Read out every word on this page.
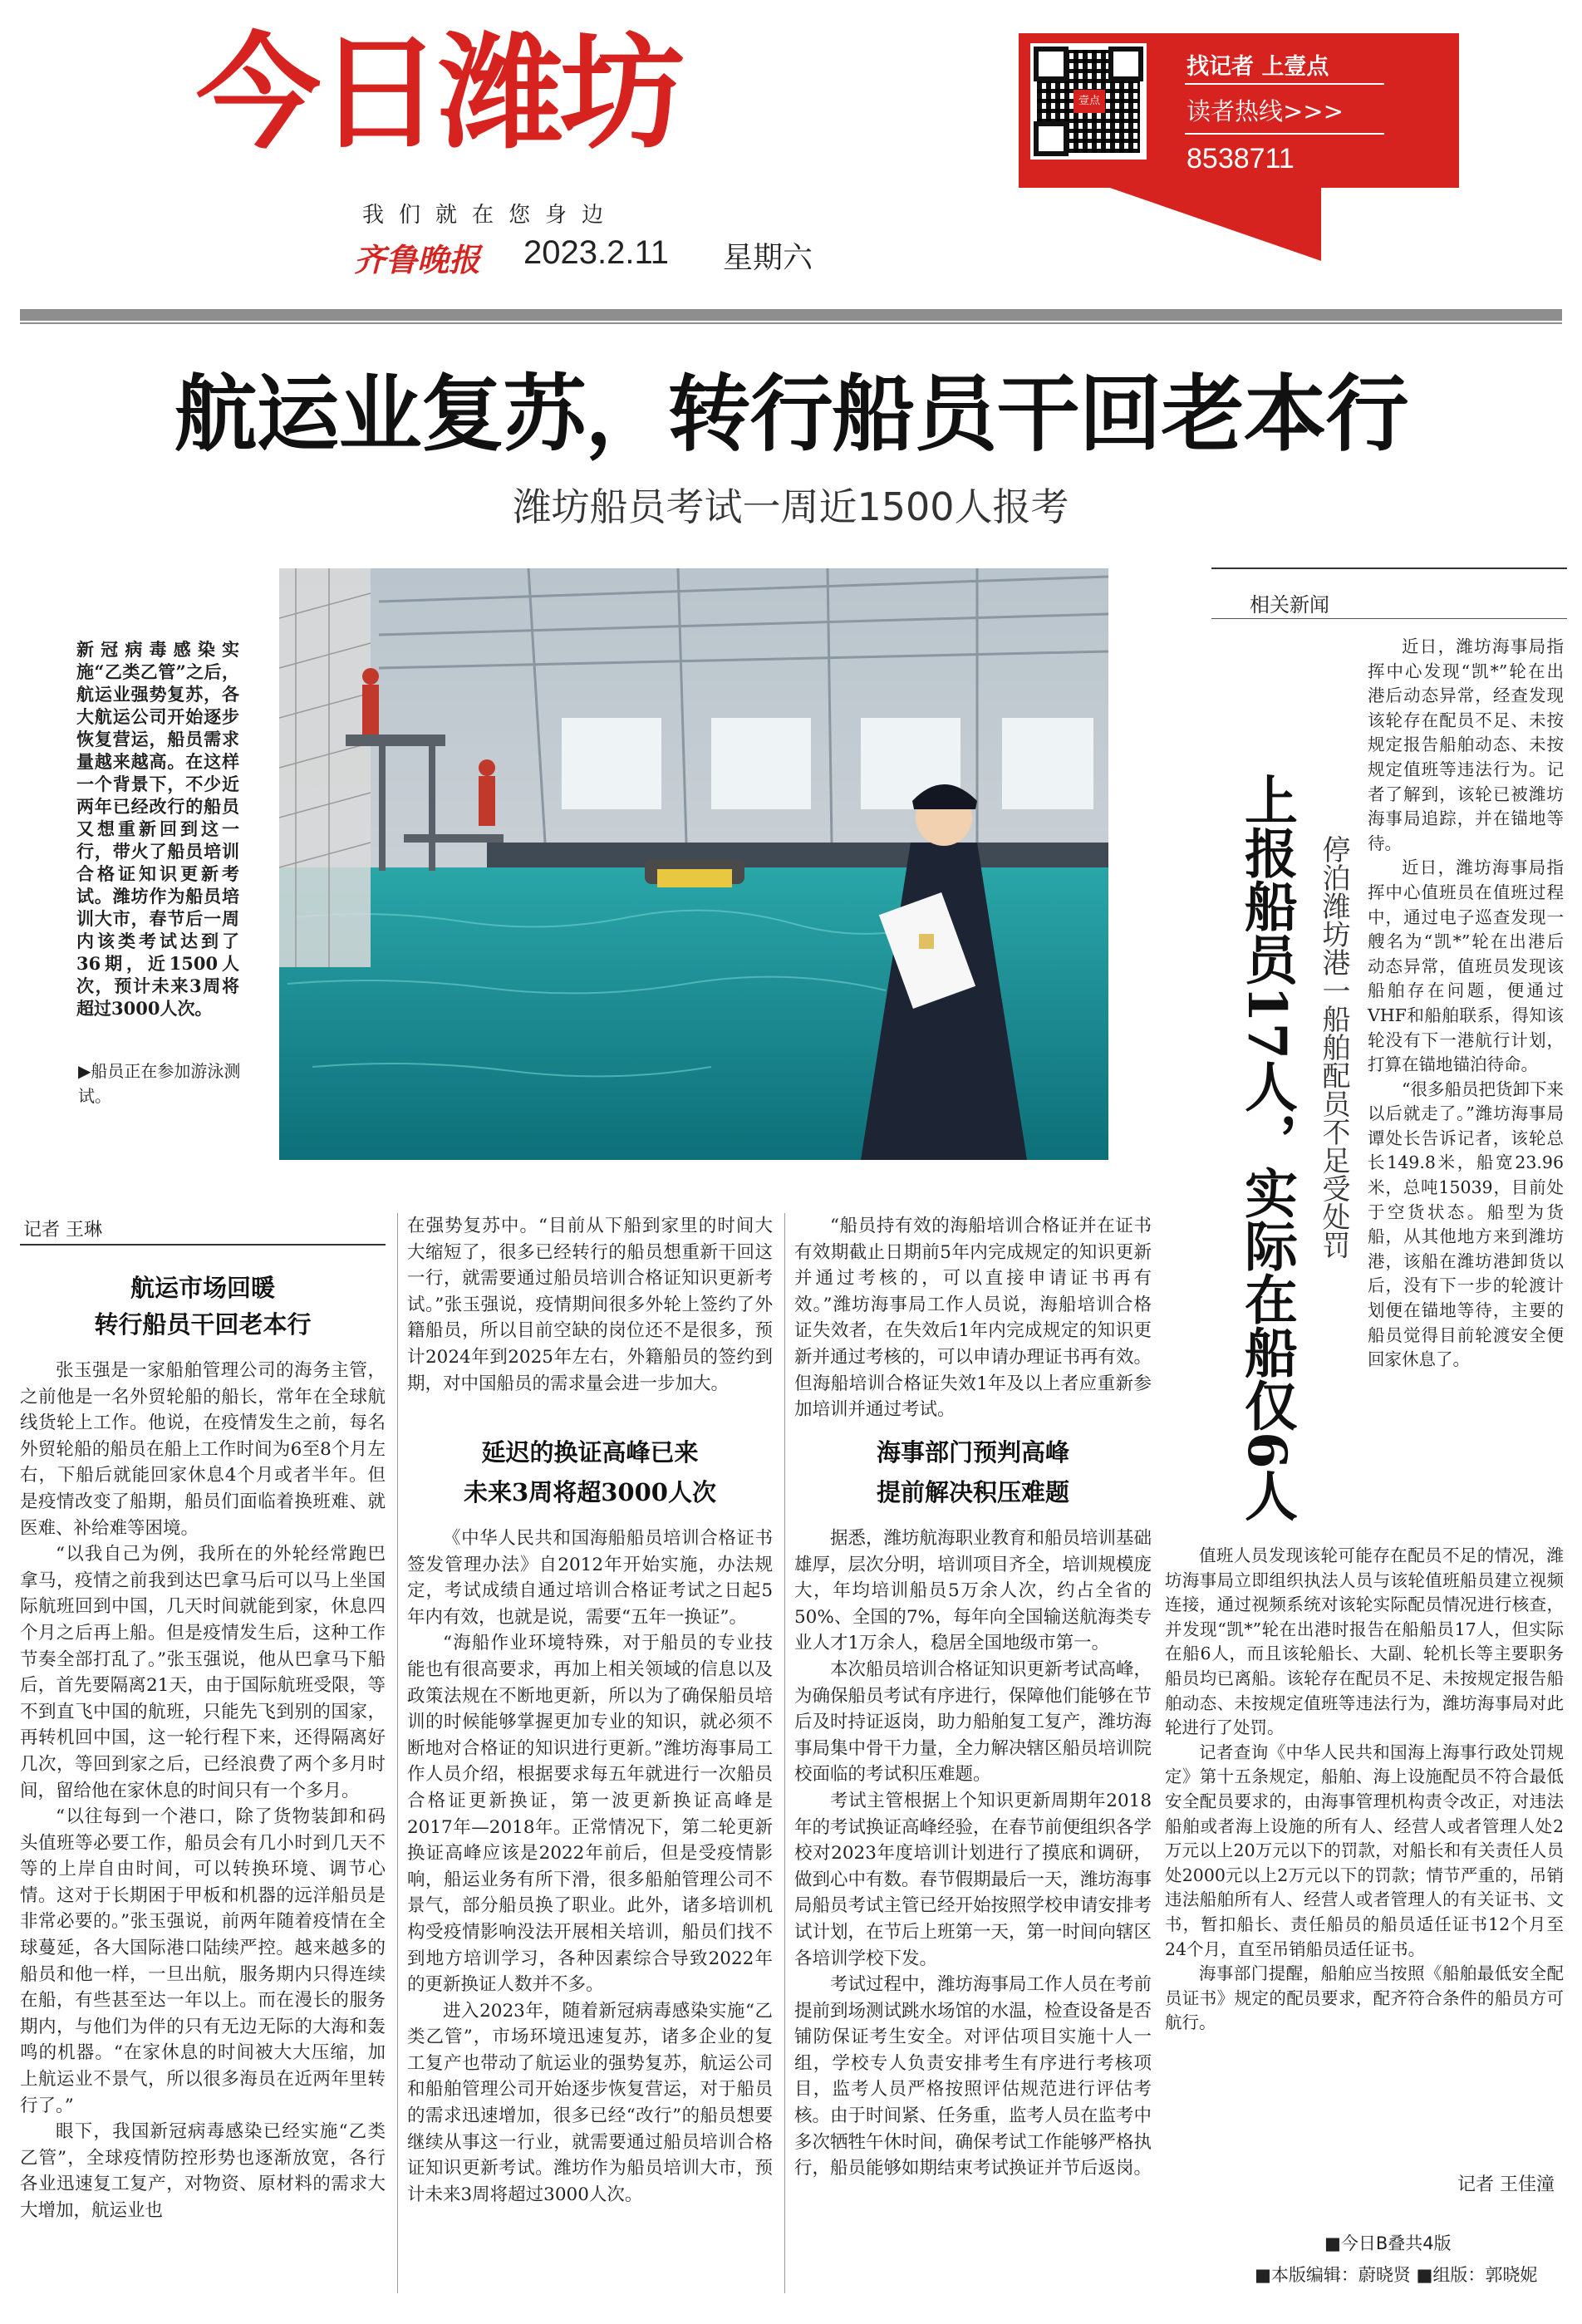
今日潍坊
我们就在您身边
齐鲁晚报 2023.2.11 星期六
壹点
找记者 上壹点
读者热线>>>
8538711
航运业复苏，转行船员干回老本行
潍坊船员考试一周近1500人报考
新冠病毒感染实施“乙类乙管”之后，航运业强势复苏，各大航运公司开始逐步恢复营运，船员需求量越来越高。在这样一个背景下，不少近两年已经改行的船员又想重新回到这一行，带火了船员培训合格证知识更新考试。潍坊作为船员培训大市，春节后一周内该类考试达到了36期，近1500人次，预计未来3周将超过3000人次。
▶船员正在参加游泳测试。
记者 王琳
航运市场回暖
转行船员干回老本行

张玉强是一家船舶管理公司的海务主管，之前他是一名外贸轮船的船长，常年在全球航线货轮上工作。他说，在疫情发生之前，每名外贸轮船的船员在船上工作时间为6至8个月左右，下船后就能回家休息4个月或者半年。但是疫情改变了船期，船员们面临着换班难、就医难、补给难等困境。

“以我自己为例，我所在的外轮经常跑巴拿马，疫情之前我到达巴拿马后可以马上坐国际航班回到中国，几天时间就能到家，休息四个月之后再上船。但是疫情发生后，这种工作节奏全部打乱了。”张玉强说，他从巴拿马下船后，首先要隔离21天，由于国际航班受限，等不到直飞中国的航班，只能先飞到别的国家，再转机回中国，这一轮行程下来，还得隔离好几次，等回到家之后，已经浪费了两个多月时间，留给他在家休息的时间只有一个多月。

“以往每到一个港口，除了货物装卸和码头值班等必要工作，船员会有几小时到几天不等的上岸自由时间，可以转换环境、调节心情。这对于长期困于甲板和机器的远洋船员是非常必要的。”张玉强说，前两年随着疫情在全球蔓延，各大国际港口陆续严控。越来越多的船员和他一样，一旦出航，服务期内只得连续在船，有些甚至达一年以上。而在漫长的服务期内，与他们为伴的只有无边无际的大海和轰鸣的机器。“在家休息的时间被大大压缩，加上航运业不景气，所以很多海员在近两年里转行了。”

眼下，我国新冠病毒感染已经实施“乙类乙管”，全球疫情防控形势也逐渐放宽，各行各业迅速复工复产，对物资、原材料的需求大大增加，航运业也

在强势复苏中。“目前从下船到家里的时间大大缩短了，很多已经转行的船员想重新干回这一行，就需要通过船员培训合格证知识更新考试。”张玉强说，疫情期间很多外轮上签约了外籍船员，所以目前空缺的岗位还不是很多，预计2024年到2025年左右，外籍船员的签约到期，对中国船员的需求量会进一步加大。

延迟的换证高峰已来
未来3周将超3000人次

《中华人民共和国海船船员培训合格证书签发管理办法》自2012年开始实施，办法规定，考试成绩自通过培训合格证考试之日起5年内有效，也就是说，需要“五年一换证”。

“海船作业环境特殊，对于船员的专业技能也有很高要求，再加上相关领域的信息以及政策法规在不断地更新，所以为了确保船员培训的时候能够掌握更加专业的知识，就必须不断地对合格证的知识进行更新。”潍坊海事局工作人员介绍，根据要求每五年就进行一次船员合格证更新换证，第一波更新换证高峰是2017年—2018年。正常情况下，第二轮更新换证高峰应该是2022年前后，但是受疫情影响，船运业务有所下滑，很多船舶管理公司不景气，部分船员换了职业。此外，诸多培训机构受疫情影响没法开展相关培训，船员们找不到地方培训学习，各种因素综合导致2022年的更新换证人数并不多。

进入2023年，随着新冠病毒感染实施“乙类乙管”，市场环境迅速复苏，诸多企业的复工复产也带动了航运业的强势复苏，航运公司和船舶管理公司开始逐步恢复营运，对于船员的需求迅速增加，很多已经“改行”的船员想要继续从事这一行业，就需要通过船员培训合格证知识更新考试。潍坊作为船员培训大市，预计未来3周将超过3000人次。

“船员持有效的海船培训合格证并在证书有效期截止日期前5年内完成规定的知识更新并通过考核的，可以直接申请证书再有效。”潍坊海事局工作人员说，海船培训合格证失效者，在失效后1年内完成规定的知识更新并通过考核的，可以申请办理证书再有效。但海船培训合格证失效1年及以上者应重新参加培训并通过考试。

海事部门预判高峰
提前解决积压难题

据悉，潍坊航海职业教育和船员培训基础雄厚，层次分明，培训项目齐全，培训规模庞大，年均培训船员5万余人次，约占全省的50%、全国的7%，每年向全国输送航海类专业人才1万余人，稳居全国地级市第一。

本次船员培训合格证知识更新考试高峰，为确保船员考试有序进行，保障他们能够在节后及时持证返岗，助力船舶复工复产，潍坊海事局集中骨干力量，全力解决辖区船员培训院校面临的考试积压难题。

考试主管根据上个知识更新周期年2018年的考试换证高峰经验，在春节前便组织各学校对2023年度培训计划进行了摸底和调研，做到心中有数。春节假期最后一天，潍坊海事局船员考试主管已经开始按照学校申请安排考试计划，在节后上班第一天，第一时间向辖区各培训学校下发。

考试过程中，潍坊海事局工作人员在考前提前到场测试跳水场馆的水温，检查设备是否铺防保证考生安全。对评估项目实施十人一组，学校专人负责安排考生有序进行考核项目，监考人员严格按照评估规范进行评估考核。由于时间紧、任务重，监考人员在监考中多次牺牲午休时间，确保考试工作能够严格执行，船员能够如期结束考试换证并节后返岗。

相关新闻
上报船员17人，实际在船仅6人 停泊潍坊港一船舶配员不足受处罚

近日，潍坊海事局指挥中心发现“凯*”轮在出港后动态异常，经查发现该轮存在配员不足、未按规定报告船舶动态、未按规定值班等违法行为。记者了解到，该轮已被潍坊海事局追踪，并在锚地等待。

近日，潍坊海事局指挥中心值班员在值班过程中，通过电子巡查发现一艘名为“凯*”轮在出港后动态异常，值班员发现该船舶存在问题，便通过VHF和船舶联系，得知该轮没有下一港航行计划，打算在锚地锚泊待命。

“很多船员把货卸下来以后就走了。”潍坊海事局谭处长告诉记者，该轮总长149.8米，船宽23.96米，总吨15039，目前处于空货状态。船型为货船，从其他地方来到潍坊港，该船在潍坊港卸货以后，没有下一步的轮渡计划便在锚地等待，主要的船员觉得目前轮渡安全便回家休息了。

值班人员发现该轮可能存在配员不足的情况，潍坊海事局立即组织执法人员与该轮值班船员建立视频连接，通过视频系统对该轮实际配员情况进行核查，并发现“凯*”轮在出港时报告在船船员17人，但实际在船6人，而且该轮船长、大副、轮机长等主要职务船员均已离船。该轮存在配员不足、未按规定报告船舶动态、未按规定值班等违法行为，潍坊海事局对此轮进行了处罚。

记者查询《中华人民共和国海上海事行政处罚规定》第十五条规定，船舶、海上设施配员不符合最低安全配员要求的，由海事管理机构责令改正，对违法船舶或者海上设施的所有人、经营人或者管理人处2万元以上20万元以下的罚款，对船长和有关责任人员处2000元以上2万元以下的罚款；情节严重的，吊销违法船舶所有人、经营人或者管理人的有关证书、文书，暂扣船长、责任船员的船员适任证书12个月至24个月，直至吊销船员适任证书。

海事部门提醒，船舶应当按照《船舶最低安全配员证书》规定的配员要求，配齐符合条件的船员方可航行。

记者 王佳潼
■今日B叠共4版
■本版编辑：蔚晓贤 ■组版：郭晓妮
